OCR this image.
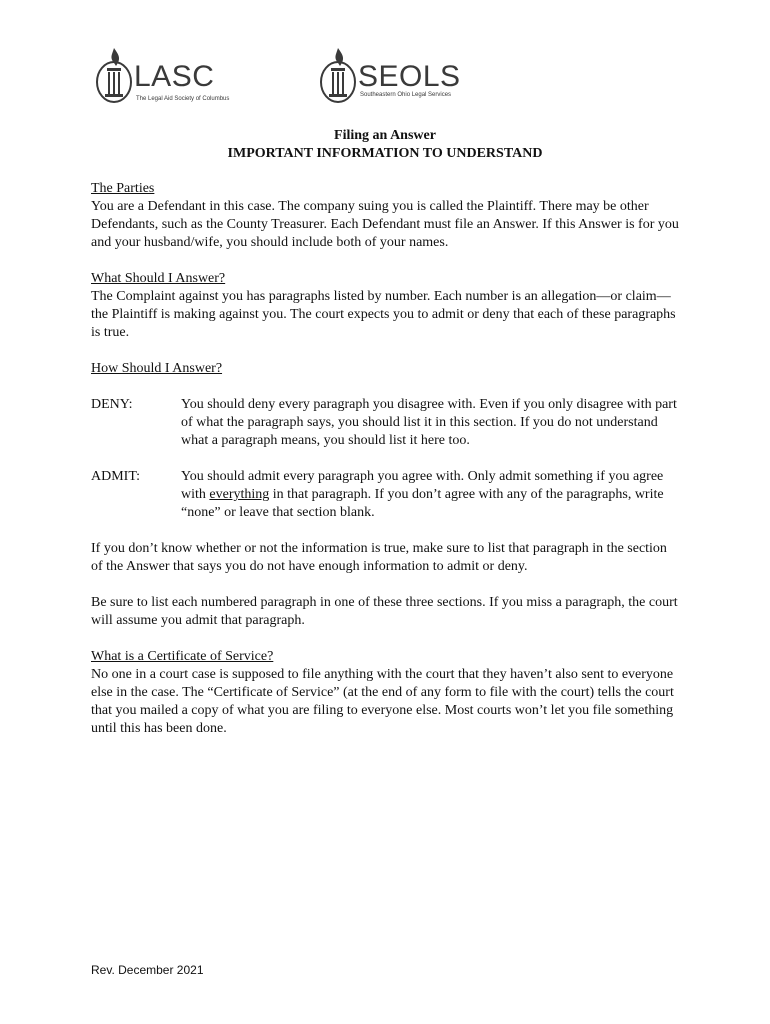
LASC
The Legal Aid Society of Columbus
SEOLS
Southeastern Ohio Legal Services
Filing an Answer
IMPORTANT INFORMATION TO UNDERSTAND
The Parties

You are a Defendant in this case. The company suing you is called the Plaintiff. There may be other Defendants, such as the County Treasurer. Each Defendant must file an Answer. If this Answer is for you and your husband/wife, you should include both of your names.

What Should I Answer?

The Complaint against you has paragraphs listed by number. Each number is an allegation—or claim—the Plaintiff is making against you. The court expects you to admit or deny that each of these paragraphs is true.

How Should I Answer?
DENY:	You should deny every paragraph you disagree with. Even if you only disagree with part of what the paragraph says, you should list it in this section. If you do not understand what a paragraph means, you should list it here too.
ADMIT:	You should admit every paragraph you agree with. Only admit something if you agree with everything in that paragraph. If you don’t agree with any of the paragraphs, write “none” or leave that section blank.

If you don’t know whether or not the information is true, make sure to list that paragraph in the section of the Answer that says you do not have enough information to admit or deny.

Be sure to list each numbered paragraph in one of these three sections. If you miss a paragraph, the court will assume you admit that paragraph.

What is a Certificate of Service?

No one in a court case is supposed to file anything with the court that they haven’t also sent to everyone else in the case. The “Certificate of Service” (at the end of any form to file with the court) tells the court that you mailed a copy of what you are filing to everyone else. Most courts won’t let you file something until this has been done.

Rev. December 2021
